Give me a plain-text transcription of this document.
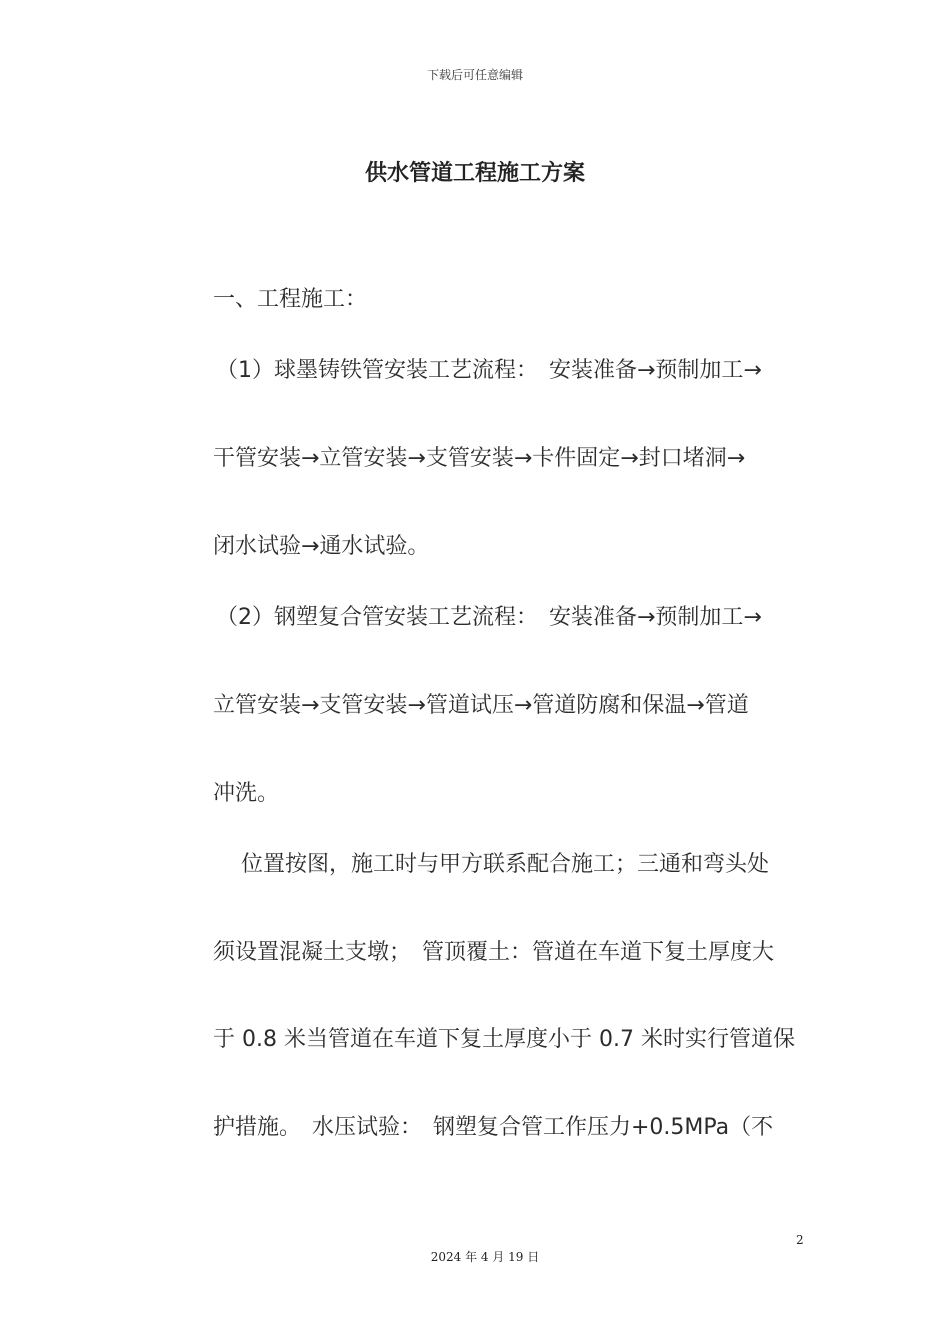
下载后可任意编辑
供水管道工程施工方案
一、工程施工：
（1）球墨铸铁管安装工艺流程：　安装准备→预制加工→
干管安装→立管安装→支管安装→卡件固定→封口堵洞→
闭水试验→通水试验。
（2）钢塑复合管安装工艺流程：　安装准备→预制加工→
立管安装→支管安装→管道试压→管道防腐和保温→管道
冲洗。
　位置按图，施工时与甲方联系配合施工；三通和弯头处
须设置混凝土支墩；　管顶覆土：管道在车道下复土厚度大
于 0.8 米当管道在车道下复土厚度小于 0.7 米时实行管道保
护措施。　水压试验：　钢塑复合管工作压力+0.5MPa（不
2
2024 年 4 月 19 日
